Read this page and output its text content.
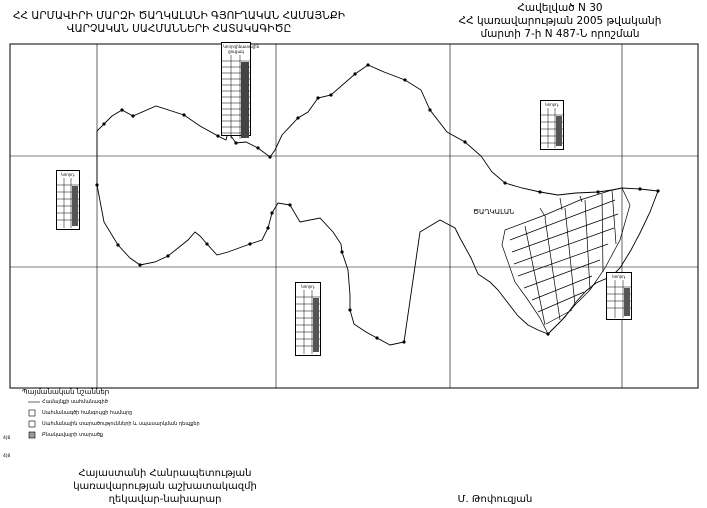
ՀՀ ԱՐՄԱՎԻՐԻ ՄԱՐԶԻ ԾԱՂԿԱԼԱՆԻ ԳՅՈՒՂԱԿԱՆ ՀԱՄԱՅՆՔԻ
ՎԱՐՉԱԿԱՆ ՍԱՀՄԱՆՆԵՐԻ ՀԱՏԱԿԱԳԻԾԸ
Հավելված N 30
ՀՀ կառավարության 2005 թվականի
մարտի 7-ի N 487-Ն որոշման
ԾԱՂԿԱԼԱՆ
Կոորդինատային ցուցակ
Կոորդ.
Կոորդ.
Կոորդ.
Կոորդ.
Պայմանական նշաններ
Համայնքի սահմանագիծ
Սահմանագծի հանգույցի համարը
Սահմանային տարածությունների և սպասարկման դեպքեր
Բնակավայրի տարածք
4|8
4|8
Հայաստանի Հանրապետության
կառավարության աշխատակազմի
ղեկավար-նախարար	Մ. Թոփուզյան
